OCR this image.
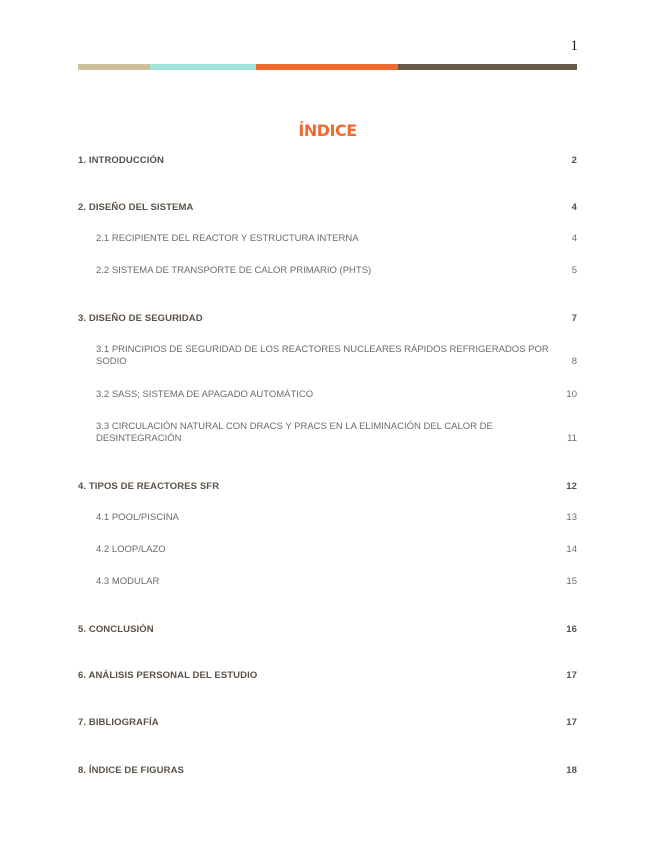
1
ÍNDICE
1. INTRODUCCIÓN	2
2. DISEÑO DEL SISTEMA	4
2.1 RECIPIENTE DEL REACTOR Y ESTRUCTURA INTERNA	4
2.2 SISTEMA DE TRANSPORTE DE CALOR PRIMARIO (PHTS)	5
3. DISEÑO DE SEGURIDAD	7
3.1 PRINCIPIOS DE SEGURIDAD DE LOS REACTORES NUCLEARES RÁPIDOS REFRIGERADOS POR SODIO	8
3.2 SASS; SISTEMA DE APAGADO AUTOMÁTICO	10
3.3 CIRCULACIÓN NATURAL CON DRACS Y PRACS EN LA ELIMINACIÓN DEL CALOR DE DESINTEGRACIÓN	11
4. TIPOS DE REACTORES SFR	12
4.1 POOL/PISCINA	13
4.2 LOOP/LAZO	14
4.3 MODULAR	15
5. CONCLUSIÓN	16
6. ANÁLISIS PERSONAL DEL ESTUDIO	17
7. BIBLIOGRAFÍA	17
8. ÍNDICE DE FIGURAS	18
